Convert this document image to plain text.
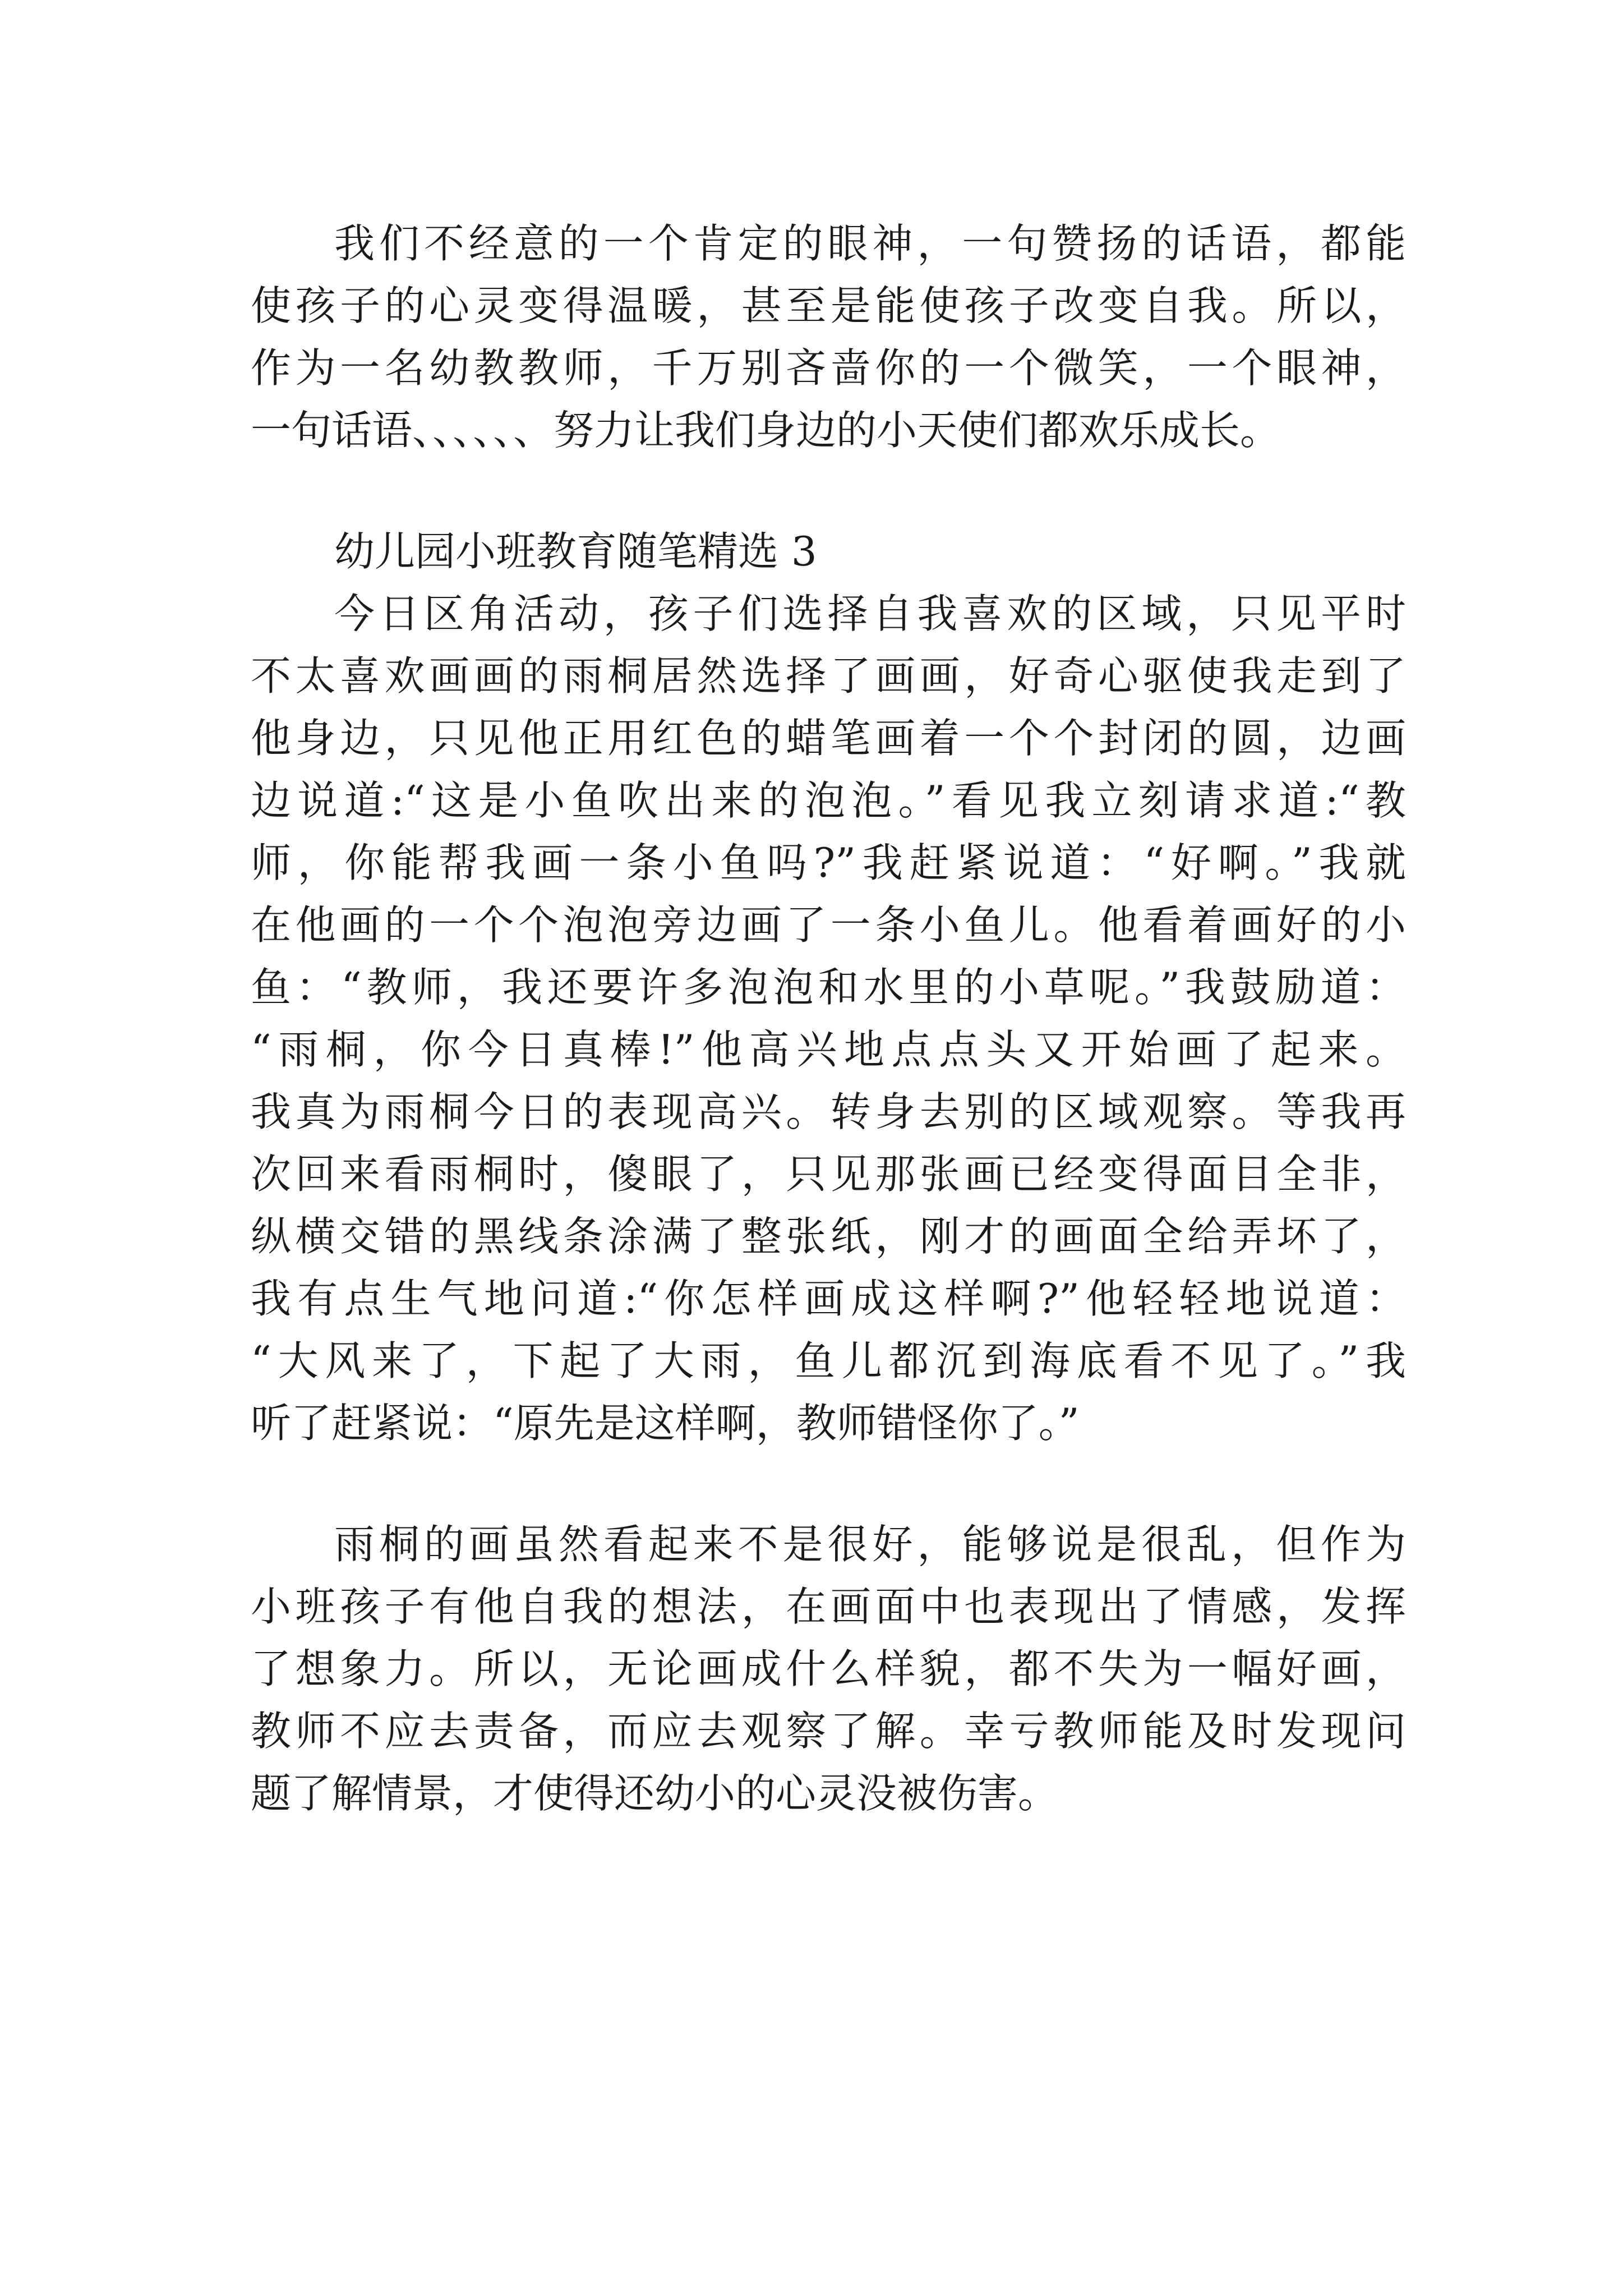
我们不经意的一个肯定的眼神，一句赞扬的话语，都能
使孩子的心灵变得温暖，甚至是能使孩子改变自我。所以，
作为一名幼教教师，千万别吝啬你的一个微笑，一个眼神，
一句话语、、、、、、努力让我们身边的小天使们都欢乐成长。
幼儿园小班教育随笔精选 3
今日区角活动，孩子们选择自我喜欢的区域，只见平时
不太喜欢画画的雨桐居然选择了画画，好奇心驱使我走到了
他身边，只见他正用红色的蜡笔画着一个个封闭的圆，边画
边说道:“这是小鱼吹出来的泡泡。”看见我立刻请求道:“教
师，你能帮我画一条小鱼吗?”我赶紧说道：“好啊。”我就
在他画的一个个泡泡旁边画了一条小鱼儿。他看着画好的小
鱼：“教师，我还要许多泡泡和水里的小草呢。”我鼓励道：
“雨桐，你今日真棒!”他高兴地点点头又开始画了起来。
我真为雨桐今日的表现高兴。转身去别的区域观察。等我再
次回来看雨桐时，傻眼了，只见那张画已经变得面目全非，
纵横交错的黑线条涂满了整张纸，刚才的画面全给弄坏了，
我有点生气地问道:“你怎样画成这样啊?”他轻轻地说道：
“大风来了，下起了大雨，鱼儿都沉到海底看不见了。”我
听了赶紧说：“原先是这样啊，教师错怪你了。”
雨桐的画虽然看起来不是很好，能够说是很乱，但作为
小班孩子有他自我的想法，在画面中也表现出了情感，发挥
了想象力。所以，无论画成什么样貌，都不失为一幅好画，
教师不应去责备，而应去观察了解。幸亏教师能及时发现问
题了解情景，才使得还幼小的心灵没被伤害。
